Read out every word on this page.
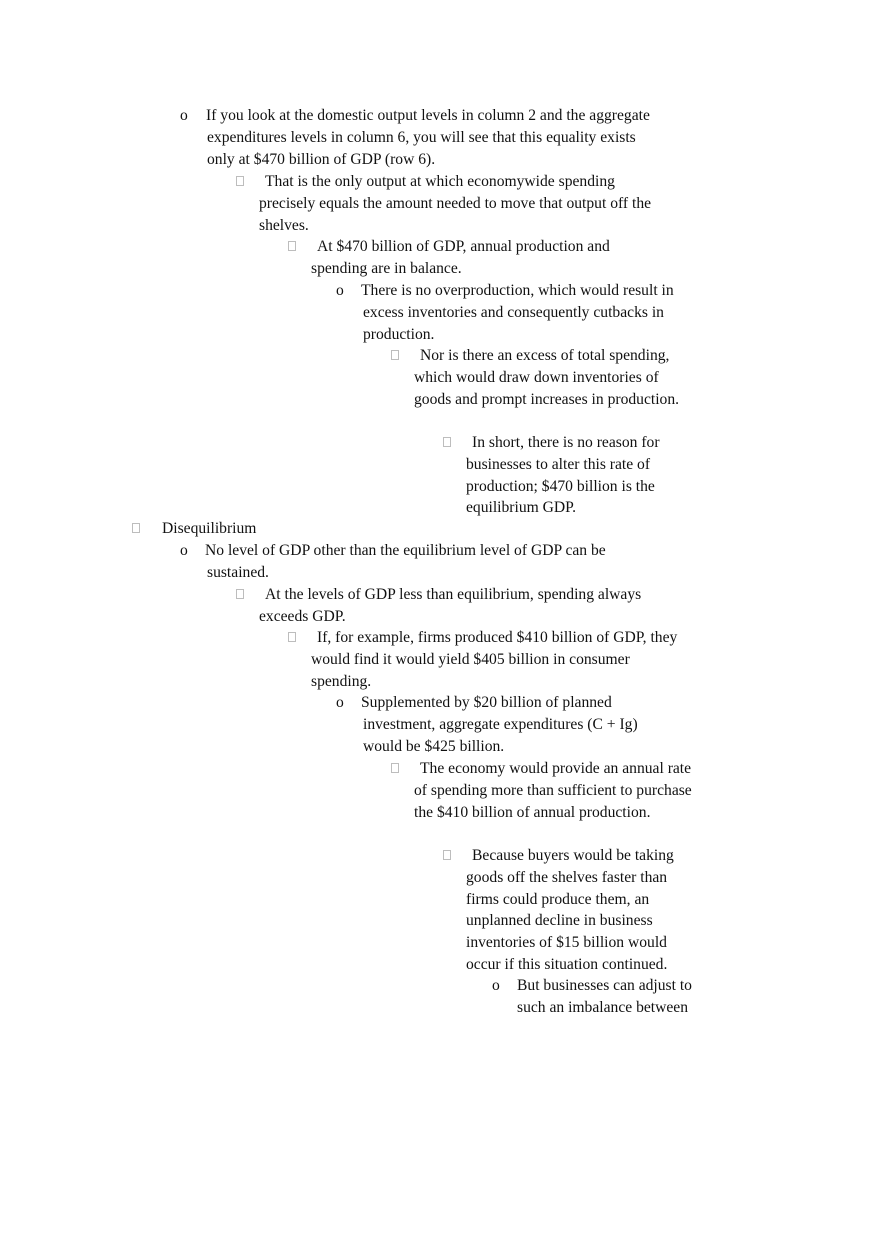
o	If you look at the domestic output levels in column 2 and the aggregate expenditures levels in column 6, you will see that this equality exists only at $470 billion of GDP (row 6).
That is the only output at which economywide spending precisely equals the amount needed to move that output off the shelves.
At $470 billion of GDP, annual production and spending are in balance.
o	There is no overproduction, which would result in excess inventories and consequently cutbacks in production.
Nor is there an excess of total spending, which would draw down inventories of goods and prompt increases in production.
In short, there is no reason for businesses to alter this rate of production; $470 billion is the equilibrium GDP.
Disequilibrium
o	No level of GDP other than the equilibrium level of GDP can be sustained.
At the levels of GDP less than equilibrium, spending always exceeds GDP.
If, for example, firms produced $410 billion of GDP, they would find it would yield $405 billion in consumer spending.
o	Supplemented by $20 billion of planned investment, aggregate expenditures (C + Ig) would be $425 billion.
The economy would provide an annual rate of spending more than sufficient to purchase the $410 billion of annual production.
Because buyers would be taking goods off the shelves faster than firms could produce them, an unplanned decline in business inventories of $15 billion would occur if this situation continued.
o	But businesses can adjust to such an imbalance between
